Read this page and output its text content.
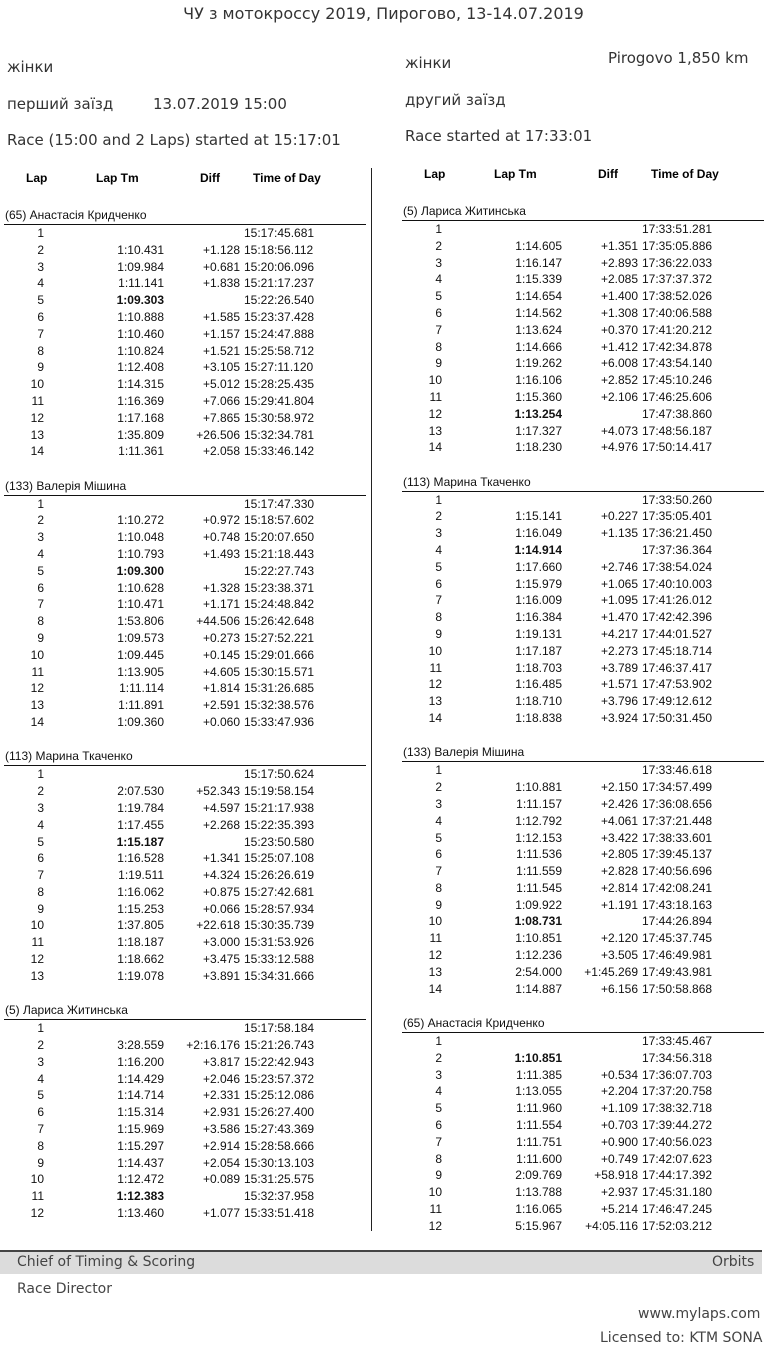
ЧУ з мотокроссу 2019, Пирогово, 13-14.07.2019
жінки
перший заїзд	13.07.2019 15:00
Race (15:00 and 2 Laps) started at 15:17:01
Pirogovo 1,850 km
жінки
другий заїзд
Race started at 17:33:01
Lap	Lap Tm	Diff	Time of Day	Lap	Lap Tm	Diff	Time of Day
(65) Анастасія Кридченко
1	15:17:45.681
2	1:10.431	+1.128 15:18:56.112
3	1:09.984	+0.681 15:20:06.096
4	1:11.141	+1.838 15:21:17.237
5	1:09.303	15:22:26.540
6	1:10.888	+1.585 15:23:37.428
7	1:10.460	+1.157 15:24:47.888
8	1:10.824	+1.521 15:25:58.712
9	1:12.408	+3.105 15:27:11.120
10	1:14.315	+5.012 15:28:25.435
11	1:16.369	+7.066 15:29:41.804
12	1:17.168	+7.865 15:30:58.972
13	1:35.809	+26.506 15:32:34.781
14	1:11.361	+2.058 15:33:46.142
(133) Валерія Мішина
1	15:17:47.330
2	1:10.272	+0.972 15:18:57.602
3	1:10.048	+0.748 15:20:07.650
4	1:10.793	+1.493 15:21:18.443
5	1:09.300	15:22:27.743
6	1:10.628	+1.328 15:23:38.371
7	1:10.471	+1.171 15:24:48.842
8	1:53.806	+44.506 15:26:42.648
9	1:09.573	+0.273 15:27:52.221
10	1:09.445	+0.145 15:29:01.666
11	1:13.905	+4.605 15:30:15.571
12	1:11.114	+1.814 15:31:26.685
13	1:11.891	+2.591 15:32:38.576
14	1:09.360	+0.060 15:33:47.936
(113) Марина Ткаченко
1	15:17:50.624
2	2:07.530	+52.343 15:19:58.154
3	1:19.784	+4.597 15:21:17.938
4	1:17.455	+2.268 15:22:35.393
5	1:15.187	15:23:50.580
6	1:16.528	+1.341 15:25:07.108
7	1:19.511	+4.324 15:26:26.619
8	1:16.062	+0.875 15:27:42.681
9	1:15.253	+0.066 15:28:57.934
10	1:37.805	+22.618 15:30:35.739
11	1:18.187	+3.000 15:31:53.926
12	1:18.662	+3.475 15:33:12.588
13	1:19.078	+3.891 15:34:31.666
(5) Лариса Житинська
1	15:17:58.184
2	3:28.559	+2:16.176 15:21:26.743
3	1:16.200	+3.817 15:22:42.943
4	1:14.429	+2.046 15:23:57.372
5	1:14.714	+2.331 15:25:12.086
6	1:15.314	+2.931 15:26:27.400
7	1:15.969	+3.586 15:27:43.369
8	1:15.297	+2.914 15:28:58.666
9	1:14.437	+2.054 15:30:13.103
10	1:12.472	+0.089 15:31:25.575
11	1:12.383	15:32:37.958
12	1:13.460	+1.077 15:33:51.418
(5) Лариса Житинська
1	17:33:51.281
2	1:14.605	+1.351 17:35:05.886
3	1:16.147	+2.893 17:36:22.033
4	1:15.339	+2.085 17:37:37.372
5	1:14.654	+1.400 17:38:52.026
6	1:14.562	+1.308 17:40:06.588
7	1:13.624	+0.370 17:41:20.212
8	1:14.666	+1.412 17:42:34.878
9	1:19.262	+6.008 17:43:54.140
10	1:16.106	+2.852 17:45:10.246
11	1:15.360	+2.106 17:46:25.606
12	1:13.254	17:47:38.860
13	1:17.327	+4.073 17:48:56.187
14	1:18.230	+4.976 17:50:14.417
(113) Марина Ткаченко
1	17:33:50.260
2	1:15.141	+0.227 17:35:05.401
3	1:16.049	+1.135 17:36:21.450
4	1:14.914	17:37:36.364
5	1:17.660	+2.746 17:38:54.024
6	1:15.979	+1.065 17:40:10.003
7	1:16.009	+1.095 17:41:26.012
8	1:16.384	+1.470 17:42:42.396
9	1:19.131	+4.217 17:44:01.527
10	1:17.187	+2.273 17:45:18.714
11	1:18.703	+3.789 17:46:37.417
12	1:16.485	+1.571 17:47:53.902
13	1:18.710	+3.796 17:49:12.612
14	1:18.838	+3.924 17:50:31.450
(133) Валерія Мішина
1	17:33:46.618
2	1:10.881	+2.150 17:34:57.499
3	1:11.157	+2.426 17:36:08.656
4	1:12.792	+4.061 17:37:21.448
5	1:12.153	+3.422 17:38:33.601
6	1:11.536	+2.805 17:39:45.137
7	1:11.559	+2.828 17:40:56.696
8	1:11.545	+2.814 17:42:08.241
9	1:09.922	+1.191 17:43:18.163
10	1:08.731	17:44:26.894
11	1:10.851	+2.120 17:45:37.745
12	1:12.236	+3.505 17:46:49.981
13	2:54.000	+1:45.269 17:49:43.981
14	1:14.887	+6.156 17:50:58.868
(65) Анастасія Кридченко
1	17:33:45.467
2	1:10.851	17:34:56.318
3	1:11.385	+0.534 17:36:07.703
4	1:13.055	+2.204 17:37:20.758
5	1:11.960	+1.109 17:38:32.718
6	1:11.554	+0.703 17:39:44.272
7	1:11.751	+0.900 17:40:56.023
8	1:11.600	+0.749 17:42:07.623
9	2:09.769	+58.918 17:44:17.392
10	1:13.788	+2.937 17:45:31.180
11	1:16.065	+5.214 17:46:47.245
12	5:15.967	+4:05.116 17:52:03.212
Chief of Timing & Scoring	Orbits
Race Director
www.mylaps.com
Licensed to: KTM SONA
